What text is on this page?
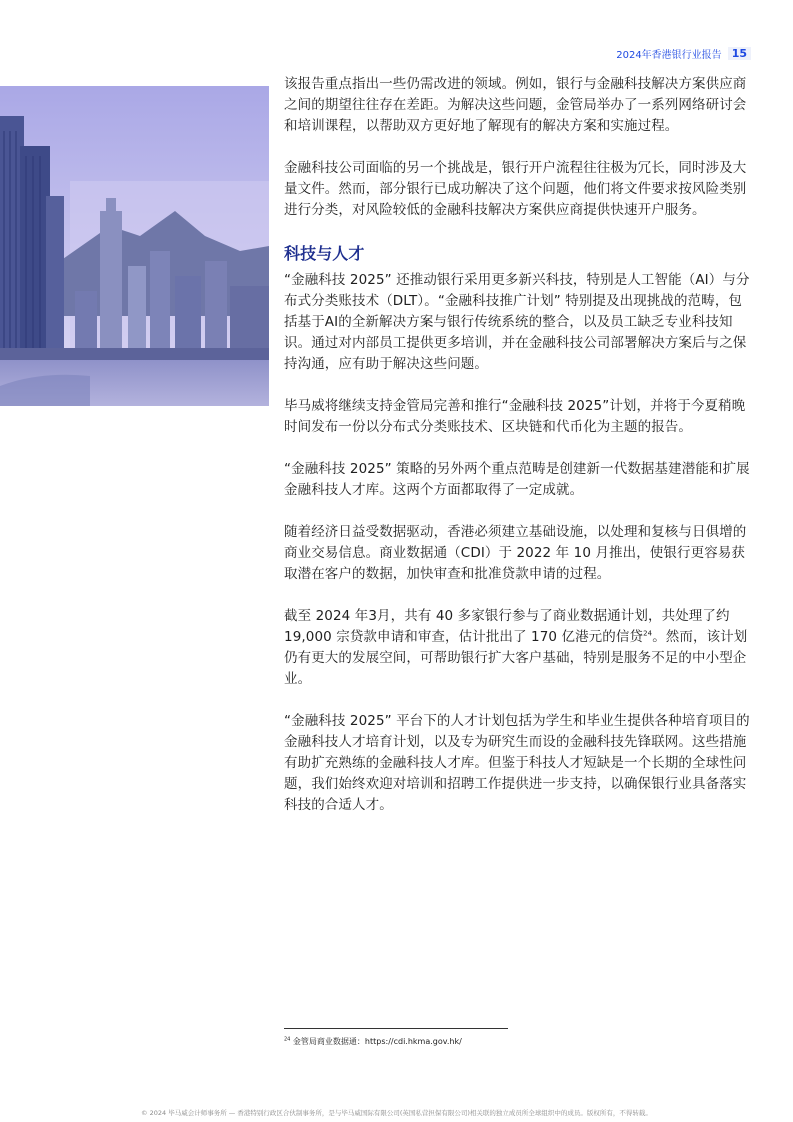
2024年香港银行业报告 15

该报告重点指出一些仍需改进的领域。例如，银行与金融科技解决方案供应商之间的期望往往存在差距。为解决这些问题，金管局举办了一系列网络研讨会和培训课程，以帮助双方更好地了解现有的解决方案和实施过程。

金融科技公司面临的另一个挑战是，银行开户流程往往极为冗长，同时涉及大量文件。然而，部分银行已成功解决了这个问题，他们将文件要求按风险类别进行分类，对风险较低的金融科技解决方案供应商提供快速开户服务。

科技与人才

“金融科技 2025” 还推动银行采用更多新兴科技，特别是人工智能（AI）与分布式分类账技术（DLT）。“金融科技推广计划” 特别提及出现挑战的范畴，包括基于AI的全新解决方案与银行传统系统的整合，以及员工缺乏专业科技知识。通过对内部员工提供更多培训，并在金融科技公司部署解决方案后与之保持沟通，应有助于解决这些问题。

毕马威将继续支持金管局完善和推行“金融科技 2025”计划，并将于今夏稍晚时间发布一份以分布式分类账技术、区块链和代币化为主题的报告。

“金融科技 2025” 策略的另外两个重点范畴是创建新一代数据基建潜能和扩展金融科技人才库。这两个方面都取得了一定成就。

随着经济日益受数据驱动，香港必须建立基础设施，以处理和复核与日俱增的商业交易信息。商业数据通（CDI）于 2022 年 10 月推出，使银行更容易获取潜在客户的数据，加快审查和批准贷款申请的过程。

截至 2024 年3月，共有 40 多家银行参与了商业数据通计划，共处理了约 19,000 宗贷款申请和审查，估计批出了 170 亿港元的信贷$^{24}$。然而，该计划仍有更大的发展空间，可帮助银行扩大客户基础，特别是服务不足的中小型企业。

“金融科技 2025” 平台下的人才计划包括为学生和毕业生提供各种培育项目的金融科技人才培育计划，以及专为研究生而设的金融科技先锋联网。这些措施有助扩充熟练的金融科技人才库。但鉴于科技人才短缺是一个长期的全球性问题，我们始终欢迎对培训和招聘工作提供进一步支持，以确保银行业具备落实科技的合适人才。

$^{24}$ 金管局商业数据通：https://cdi.hkma.gov.hk/
© 2024 毕马威会计师事务所 — 香港特别行政区合伙制事务所，是与毕马威国际有限公司(英国私营担保有限公司)相关联的独立成员所全球组织中的成员。版权所有，不得转载。
